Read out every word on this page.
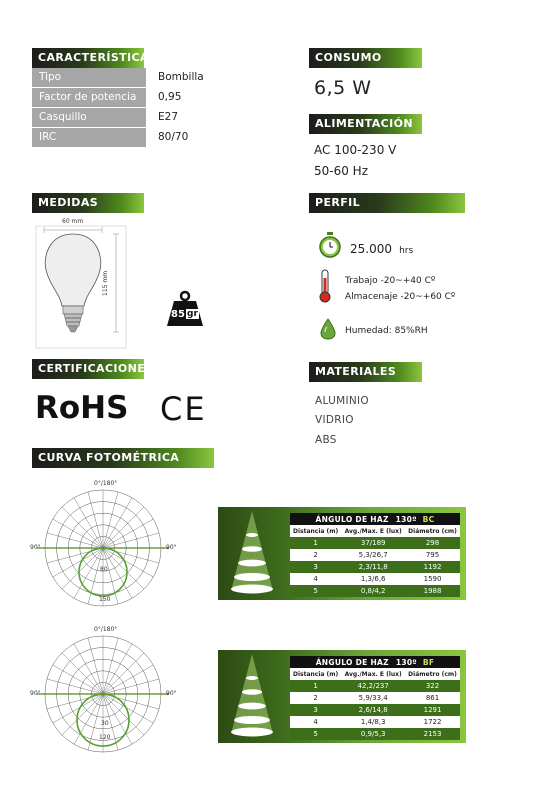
CARACTERÍSTICAS
Tipo	Bombilla
Factor de potencia	0,95
Casquillo	E27
IRC	80/70
CONSUMO
6,5 W
ALIMENTACIÓN
AC 100-230 V
50-60 Hz
MEDIDAS
60 mm
115 mm
85 gr
PERFIL MEDIOAMBIENTAL
25.000 hrs
Trabajo -20~+40 Cº
Almacenaje -20~+60 Cº
Humedad: 85%RH
CERTIFICACIONES
RoHS CE
MATERIALES
ALUMINIO
VIDRIO
ABS
CURVA FOTOMÉTRICA
0°/180°
90°	90°
80
150
0°/180°
90°	90°
30
120
ÁNGULO DE HAZ 130º BC		
Distancia (m)	Avg./Max. E (lux)	Diámetro (cm)
1	37/189	298
2	5,3/26,7	795
3	2,3/11,8	1192
4	1,3/6,6	1590
5	0,8/4,2	1988
ÁNGULO DE HAZ 130º BF		
Distancia (m)	Avg./Max. E (lux)	Diámetro (cm)
1	42,2/237	322
2	5,9/33,4	861
3	2,6/14,8	1291
4	1,4/8,3	1722
5	0,9/5,3	2153
